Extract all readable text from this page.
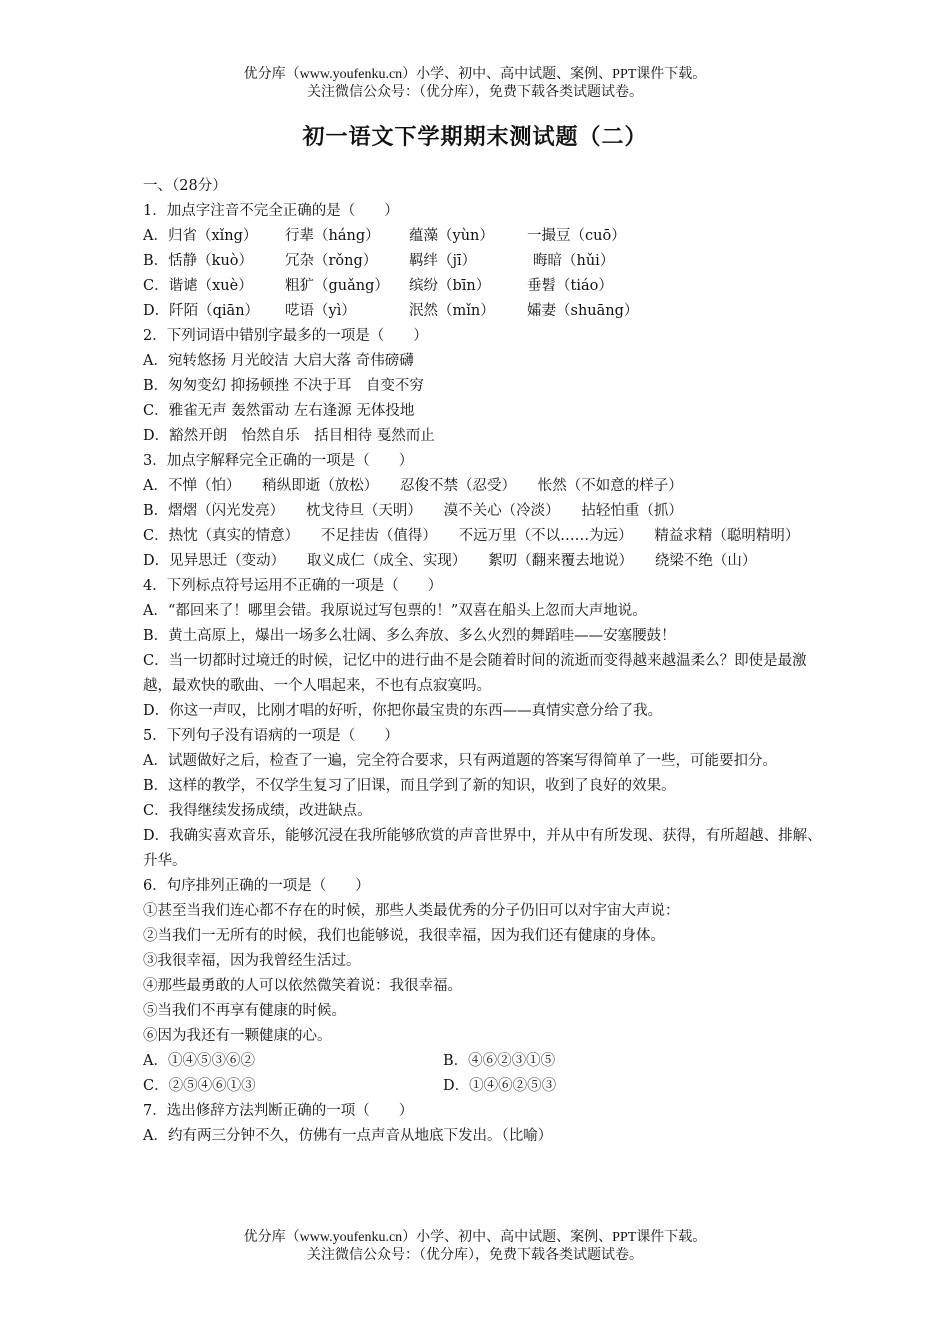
优分库（www.youfenku.cn）小学、初中、高中试题、案例、PPT课件下载。
关注微信公众号：（优分库），免费下载各类试题试卷。
初一语文下学期期末测试题（二）
一、（28分）
1．加点字注音不完全正确的是（　　）
A．归省（xǐng）	行辈（háng）	蕴藻（yùn）	一撮豆（cuō）
B．恬静（kuò）	冗杂（rǒng）	羁绊（jī）	晦暗（hǔi）
C．谐谑（xuè）	粗犷（guǎng）	缤纷（bīn）	垂髫（tiáo）
D．阡陌（qiān）	呓语（yì）	泯然（mǐn）	孀妻（shuāng）
2．下列词语中错别字最多的一项是（　　）
A．宛转悠扬 月光皎洁 大启大落 奇伟磅礴
B．匆匆变幻 抑扬顿挫 不决于耳　自变不穷
C．雅雀无声 轰然雷动 左右逢源 无体投地
D．豁然开朗　怡然自乐　括目相待 戛然而止
3．加点字解释完全正确的一项是（　　）
A．不惮（怕）　　稍纵即逝（放松）　　忍俊不禁（忍受）　　怅然（不如意的样子）
B．熠熠（闪光发亮）　　枕戈待旦（天明）　　漠不关心（冷淡）　　拈轻怕重（抓）
C．热忱（真实的情意）　　不足挂齿（值得）　　不远万里（不以……为远）　　精益求精（聪明精明）
D．见异思迁（变动）　　取义成仁（成全、实现）　　絮叨（翻来覆去地说）　　绕梁不绝（山）
4．下列标点符号运用不正确的一项是（　　）
A．“都回来了！哪里会错。我原说过写包票的！”双喜在船头上忽而大声地说。
B．黄土高原上，爆出一场多么壮阔、多么奔放、多么火烈的舞蹈哇——安塞腰鼓！
C．当一切都时过境迁的时候，记忆中的进行曲不是会随着时间的流逝而变得越来越温柔么？即使是最激越，最欢快的歌曲、一个人唱起来，不也有点寂寞吗。
D．你这一声叹，比刚才唱的好听，你把你最宝贵的东西——真情实意分给了我。
5．下列句子没有语病的一项是（　　）
A．试题做好之后，检查了一遍，完全符合要求，只有两道题的答案写得简单了一些，可能要扣分。
B．这样的教学，不仅学生复习了旧课，而且学到了新的知识，收到了良好的效果。
C．我得继续发扬成绩，改进缺点。
D．我确实喜欢音乐，能够沉浸在我所能够欣赏的声音世界中，并从中有所发现、获得，有所超越、排解、升华。
6．句序排列正确的一项是（　　）
①甚至当我们连心都不存在的时候，那些人类最优秀的分子仍旧可以对宇宙大声说：
②当我们一无所有的时候，我们也能够说，我很幸福，因为我们还有健康的身体。
③我很幸福，因为我曾经生活过。
④那些最勇敢的人可以依然微笑着说：我很幸福。
⑤当我们不再享有健康的时候。
⑥因为我还有一颗健康的心。
A．①④⑤③⑥②	B．④⑥②③①⑤
C．②⑤④⑥①③	D．①④⑥②⑤③
7．选出修辞方法判断正确的一项（　　）
A．约有两三分钟不久，仿佛有一点声音从地底下发出。（比喻）
优分库（www.youfenku.cn）小学、初中、高中试题、案例、PPT课件下载。
关注微信公众号：（优分库），免费下载各类试题试卷。
